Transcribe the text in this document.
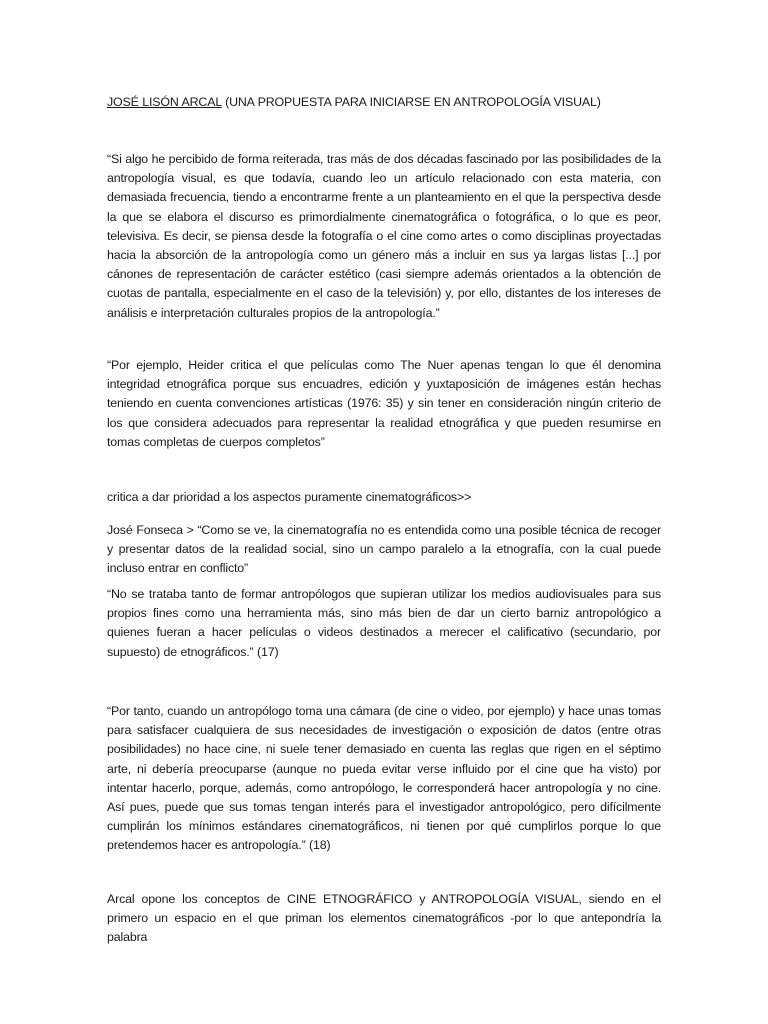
JOSÉ LISÓN ARCAL (UNA PROPUESTA PARA INICIARSE EN ANTROPOLOGÍA VISUAL)

“Si algo he percibido de forma reiterada, tras más de dos décadas fascinado por las posibilidades de la antropología visual, es que todavía, cuando leo un artículo relacionado con esta materia, con demasiada frecuencia, tiendo a encontrarme frente a un planteamiento en el que la perspectiva desde la que se elabora el discurso es primordialmente cinematográfica o fotográfica, o lo que es peor, televisiva. Es decir, se piensa desde la fotografía o el cine como artes o como disciplinas proyectadas hacia la absorción de la antropología como un género más a incluir en sus ya largas listas [...] por cánones de representación de carácter estético (casi siempre además orientados a la obtención de cuotas de pantalla, especialmente en el caso de la televisión) y, por ello, distantes de los intereses de análisis e interpretación culturales propios de la antropología.”

“Por ejemplo, Heider critica el que películas como The Nuer apenas tengan lo que él denomina integridad etnográfica porque sus encuadres, edición y yuxtaposición de imágenes están hechas teniendo en cuenta convenciones artísticas (1976: 35) y sin tener en consideración ningún criterio de los que considera adecuados para representar la realidad etnográfica y que pueden resumirse en tomas completas de cuerpos completos”

critica a dar prioridad a los aspectos puramente cinematográficos>>

José Fonseca > “Como se ve, la cinematografía no es entendida como una posible técnica de recoger y presentar datos de la realidad social, sino un campo paralelo a la etnografía, con la cual puede incluso entrar en conflicto”

“No se trataba tanto de formar antropólogos que supieran utilizar los medios audiovisuales para sus propios fines como una herramienta más, sino más bien de dar un cierto barniz antropológico a quienes fueran a hacer películas o videos destinados a merecer el calificativo (secundario, por supuesto) de etnográficos.” (17)

“Por tanto, cuando un antropólogo toma una cámara (de cine o video, por ejemplo) y hace unas tomas para satisfacer cualquiera de sus necesidades de investigación o exposición de datos (entre otras posibilidades) no hace cine, ni suele tener demasiado en cuenta las reglas que rigen en el séptimo arte, ni debería preocuparse (aunque no pueda evitar verse influido por el cine que ha visto) por intentar hacerlo, porque, además, como antropólogo, le corresponderá hacer antropología y no cine. Así pues, puede que sus tomas tengan interés para el investigador antropológico, pero difícilmente cumplirán los mínimos estándares cinematográficos, ni tienen por qué cumplirlos porque lo que pretendemos hacer es antropología.” (18)

Arcal opone los conceptos de CINE ETNOGRÁFICO y ANTROPOLOGÍA VISUAL, siendo en el primero un espacio en el que priman los elementos cinematográficos -por lo que antepondría la palabra
